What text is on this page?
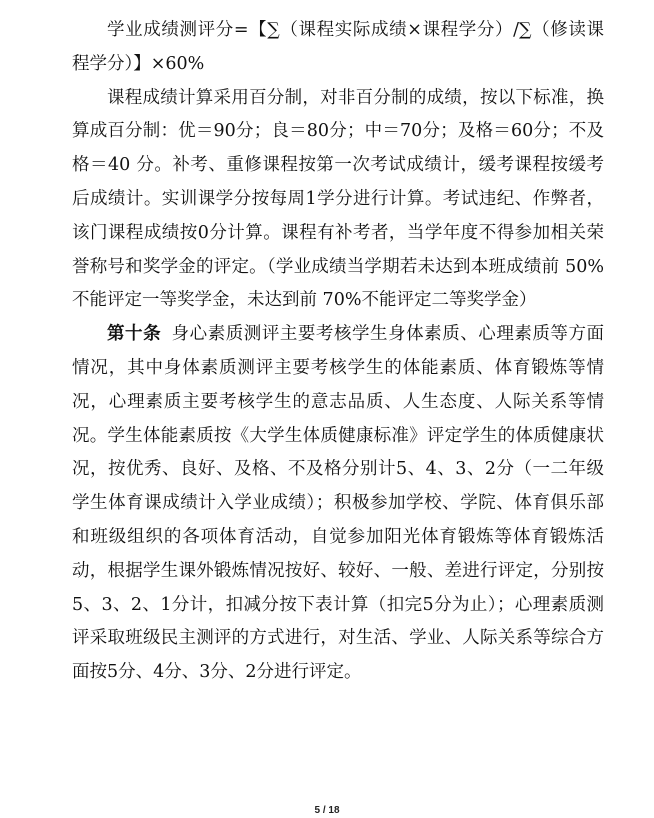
学业成绩测评分=【∑（课程实际成绩×课程学分）/∑（修读课程学分）】×60%

课程成绩计算采用百分制，对非百分制的成绩，按以下标准，换算成百分制：优＝90分；良＝80分；中＝70分；及格＝60分；不及格＝40 分。补考、重修课程按第一次考试成绩计，缓考课程按缓考后成绩计。实训课学分按每周1学分进行计算。考试违纪、作弊者，该门课程成绩按0分计算。课程有补考者，当学年度不得参加相关荣誉称号和奖学金的评定。（学业成绩当学期若未达到本班成绩前 50%不能评定一等奖学金，未达到前 70%不能评定二等奖学金）

第十条 身心素质测评主要考核学生身体素质、心理素质等方面情况，其中身体素质测评主要考核学生的体能素质、体育锻炼等情况，心理素质主要考核学生的意志品质、人生态度、人际关系等情况。学生体能素质按《大学生体质健康标准》评定学生的体质健康状况，按优秀、良好、及格、不及格分别计5、4、3、2分（一二年级学生体育课成绩计入学业成绩）；积极参加学校、学院、体育俱乐部和班级组织的各项体育活动，自觉参加阳光体育锻炼等体育锻炼活动，根据学生课外锻炼情况按好、较好、一般、差进行评定，分别按5、3、2、1分计，扣减分按下表计算（扣完5分为止）；心理素质测评采取班级民主测评的方式进行，对生活、学业、人际关系等综合方面按5分、4分、3分、2分进行评定。

5 / 18
